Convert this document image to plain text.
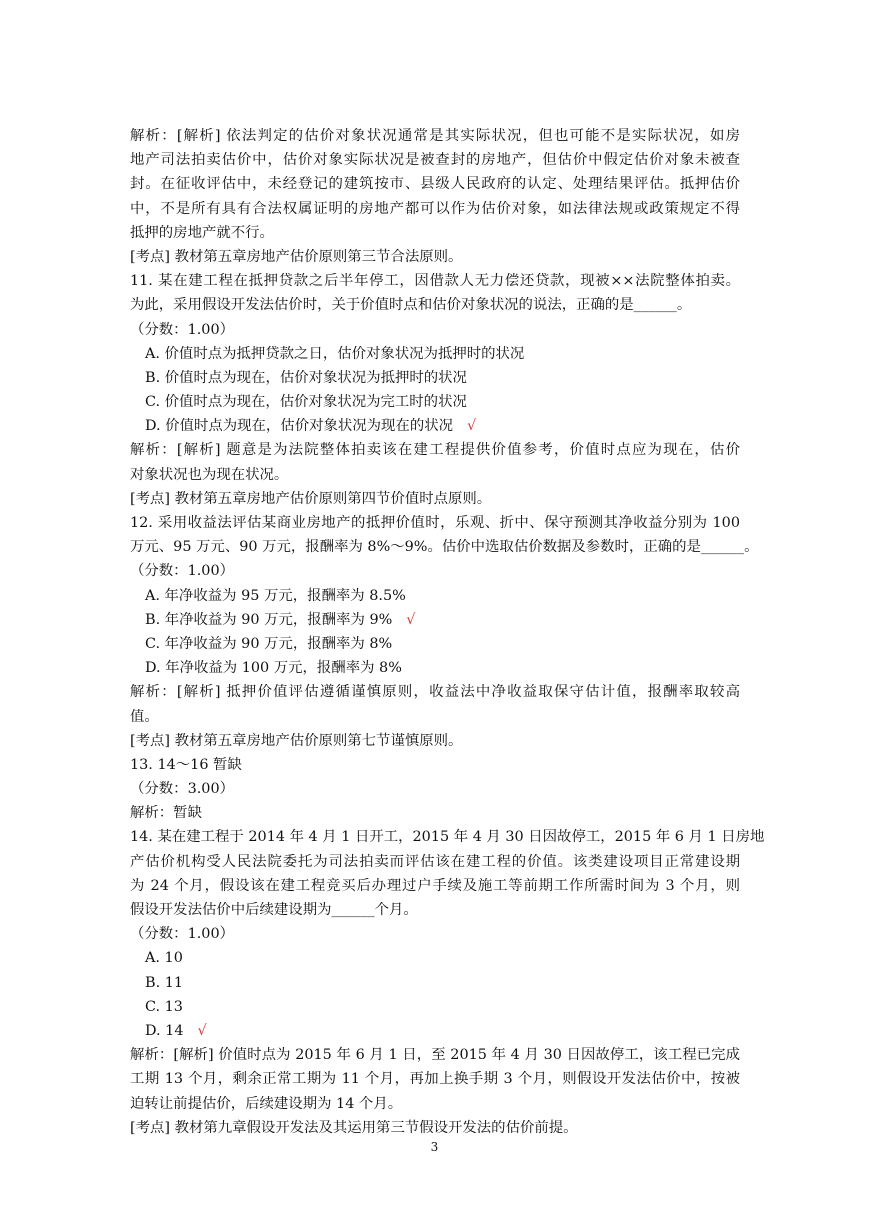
解析：[解析] 依法判定的估价对象状况通常是其实际状况，但也可能不是实际状况，如房
地产司法拍卖估价中，估价对象实际状况是被查封的房地产，但估价中假定估价对象未被查
封。在征收评估中，未经登记的建筑按市、县级人民政府的认定、处理结果评估。抵押估价
中，不是所有具有合法权属证明的房地产都可以作为估价对象，如法律法规或政策规定不得
抵押的房地产就不行。
[考点] 教材第五章房地产估价原则第三节合法原则。
11. 某在建工程在抵押贷款之后半年停工，因借款人无力偿还贷款，现被××法院整体拍卖。
为此，采用假设开发法估价时，关于价值时点和估价对象状况的说法，正确的是______。
（分数：1.00）
A. 价值时点为抵押贷款之日，估价对象状况为抵押时的状况
B. 价值时点为现在，估价对象状况为抵押时的状况
C. 价值时点为现在，估价对象状况为完工时的状况
D. 价值时点为现在，估价对象状况为现在的状况 √
解析：[解析] 题意是为法院整体拍卖该在建工程提供价值参考，价值时点应为现在，估价
对象状况也为现在状况。
[考点] 教材第五章房地产估价原则第四节价值时点原则。
12. 采用收益法评估某商业房地产的抵押价值时，乐观、折中、保守预测其净收益分别为 100
万元、95 万元、90 万元，报酬率为 8%～9%。估价中选取估价数据及参数时，正确的是______。
（分数：1.00）
A. 年净收益为 95 万元，报酬率为 8.5%
B. 年净收益为 90 万元，报酬率为 9% √
C. 年净收益为 90 万元，报酬率为 8%
D. 年净收益为 100 万元，报酬率为 8%
解析：[解析] 抵押价值评估遵循谨慎原则，收益法中净收益取保守估计值，报酬率取较高
值。
[考点] 教材第五章房地产估价原则第七节谨慎原则。
13. 14～16 暂缺
（分数：3.00）
解析：暂缺
14. 某在建工程于 2014 年 4 月 1 日开工，2015 年 4 月 30 日因故停工，2015 年 6 月 1 日房地
产估价机构受人民法院委托为司法拍卖而评估该在建工程的价值。该类建设项目正常建设期
为 24 个月，假设该在建工程竞买后办理过户手续及施工等前期工作所需时间为 3 个月，则
假设开发法估价中后续建设期为______个月。
（分数：1.00）
A. 10
B. 11
C. 13
D. 14 √
解析：[解析] 价值时点为 2015 年 6 月 1 日，至 2015 年 4 月 30 日因故停工，该工程已完成
工期 13 个月，剩余正常工期为 11 个月，再加上换手期 3 个月，则假设开发法估价中，按被
迫转让前提估价，后续建设期为 14 个月。
[考点] 教材第九章假设开发法及其运用第三节假设开发法的估价前提。
3
